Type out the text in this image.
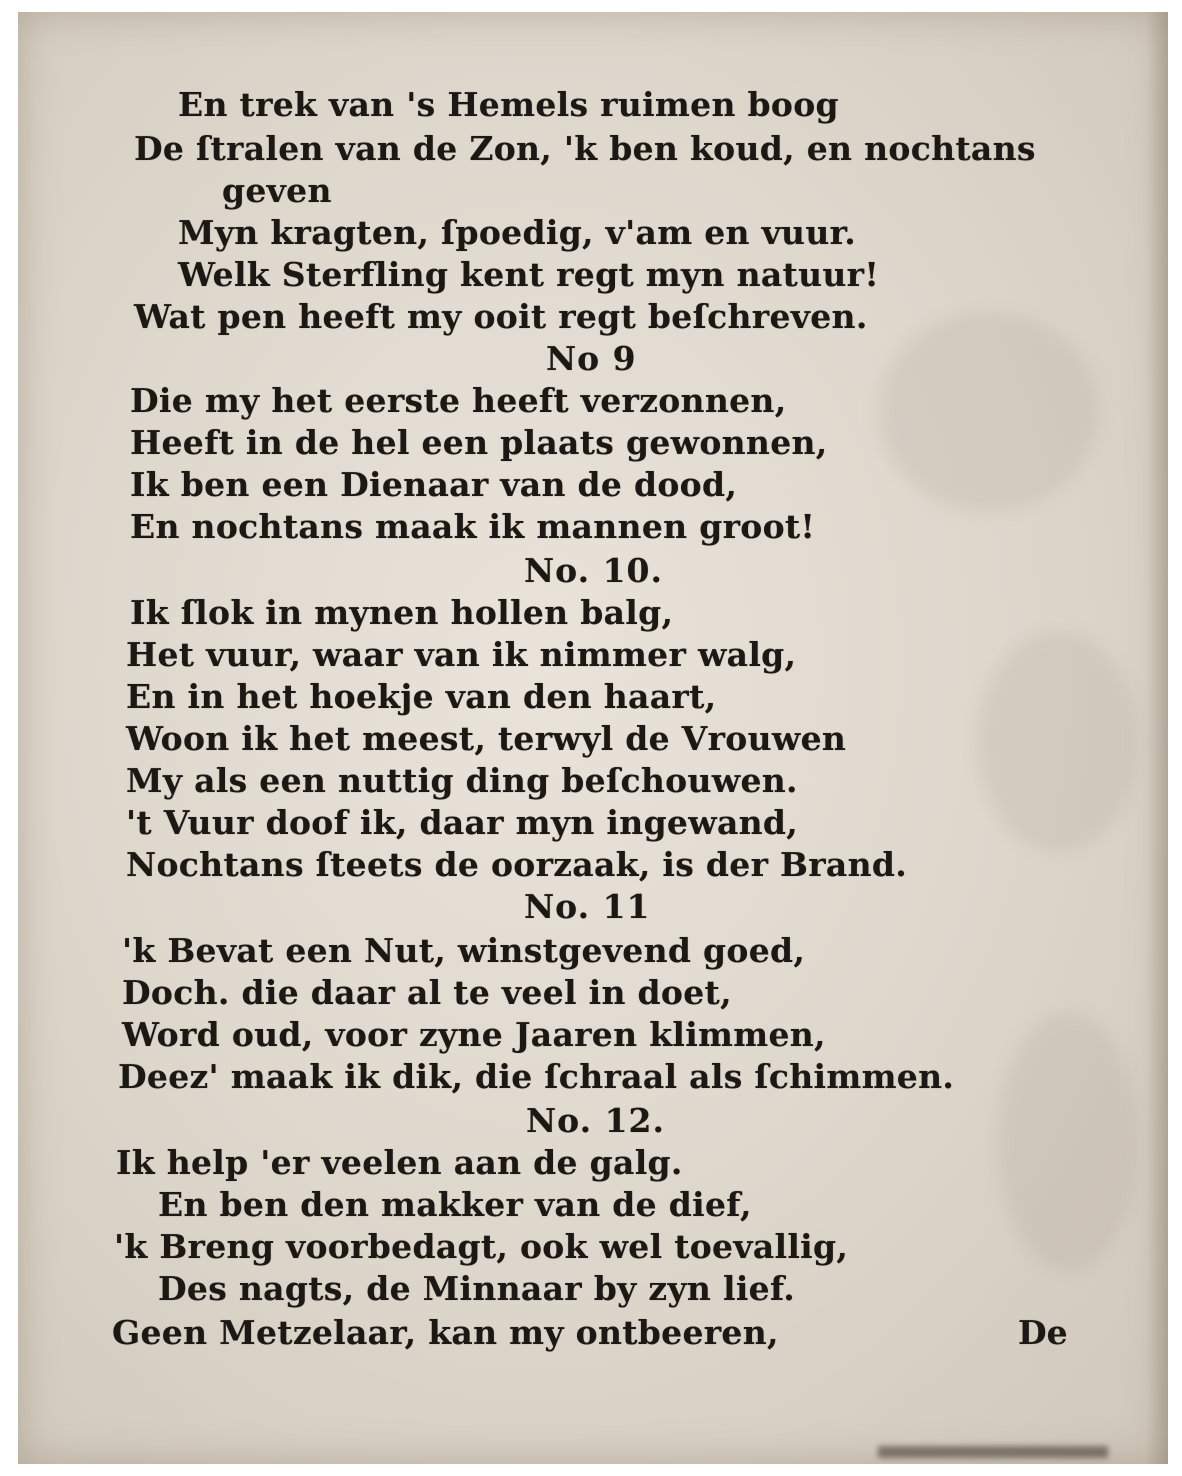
En trek van 's Hemels ruimen boog
De ſtralen van de Zon, 'k ben koud, en nochtans
geven
Myn kragten, ſpoedig, v'am en vuur.
Welk Sterfling kent regt myn natuur!
Wat pen heeft my ooit regt beſchreven.
No 9
Die my het eerste heeft verzonnen,
Heeft in de hel een plaats gewonnen,
Ik ben een Dienaar van de dood,
En nochtans maak ik mannen groot!
No. 10.
Ik ſlok in mynen hollen balg,
Het vuur, waar van ik nimmer walg,
En in het hoekje van den haart,
Woon ik het meest, terwyl de Vrouwen
My als een nuttig ding beſchouwen.
't Vuur doof ik, daar myn ingewand,
Nochtans ſteets de oorzaak, is der Brand.
No. 11
'k Bevat een Nut, winstgevend goed,
Doch. die daar al te veel in doet,
Word oud, voor zyne Jaaren klimmen,
Deez' maak ik dik, die ſchraal als ſchimmen.
No. 12.
Ik help 'er veelen aan de galg.
En ben den makker van de dief,
'k Breng voorbedagt, ook wel toevallig,
Des nagts, de Minnaar by zyn lief.
Geen Metzelaar, kan my ontbeeren,	De
